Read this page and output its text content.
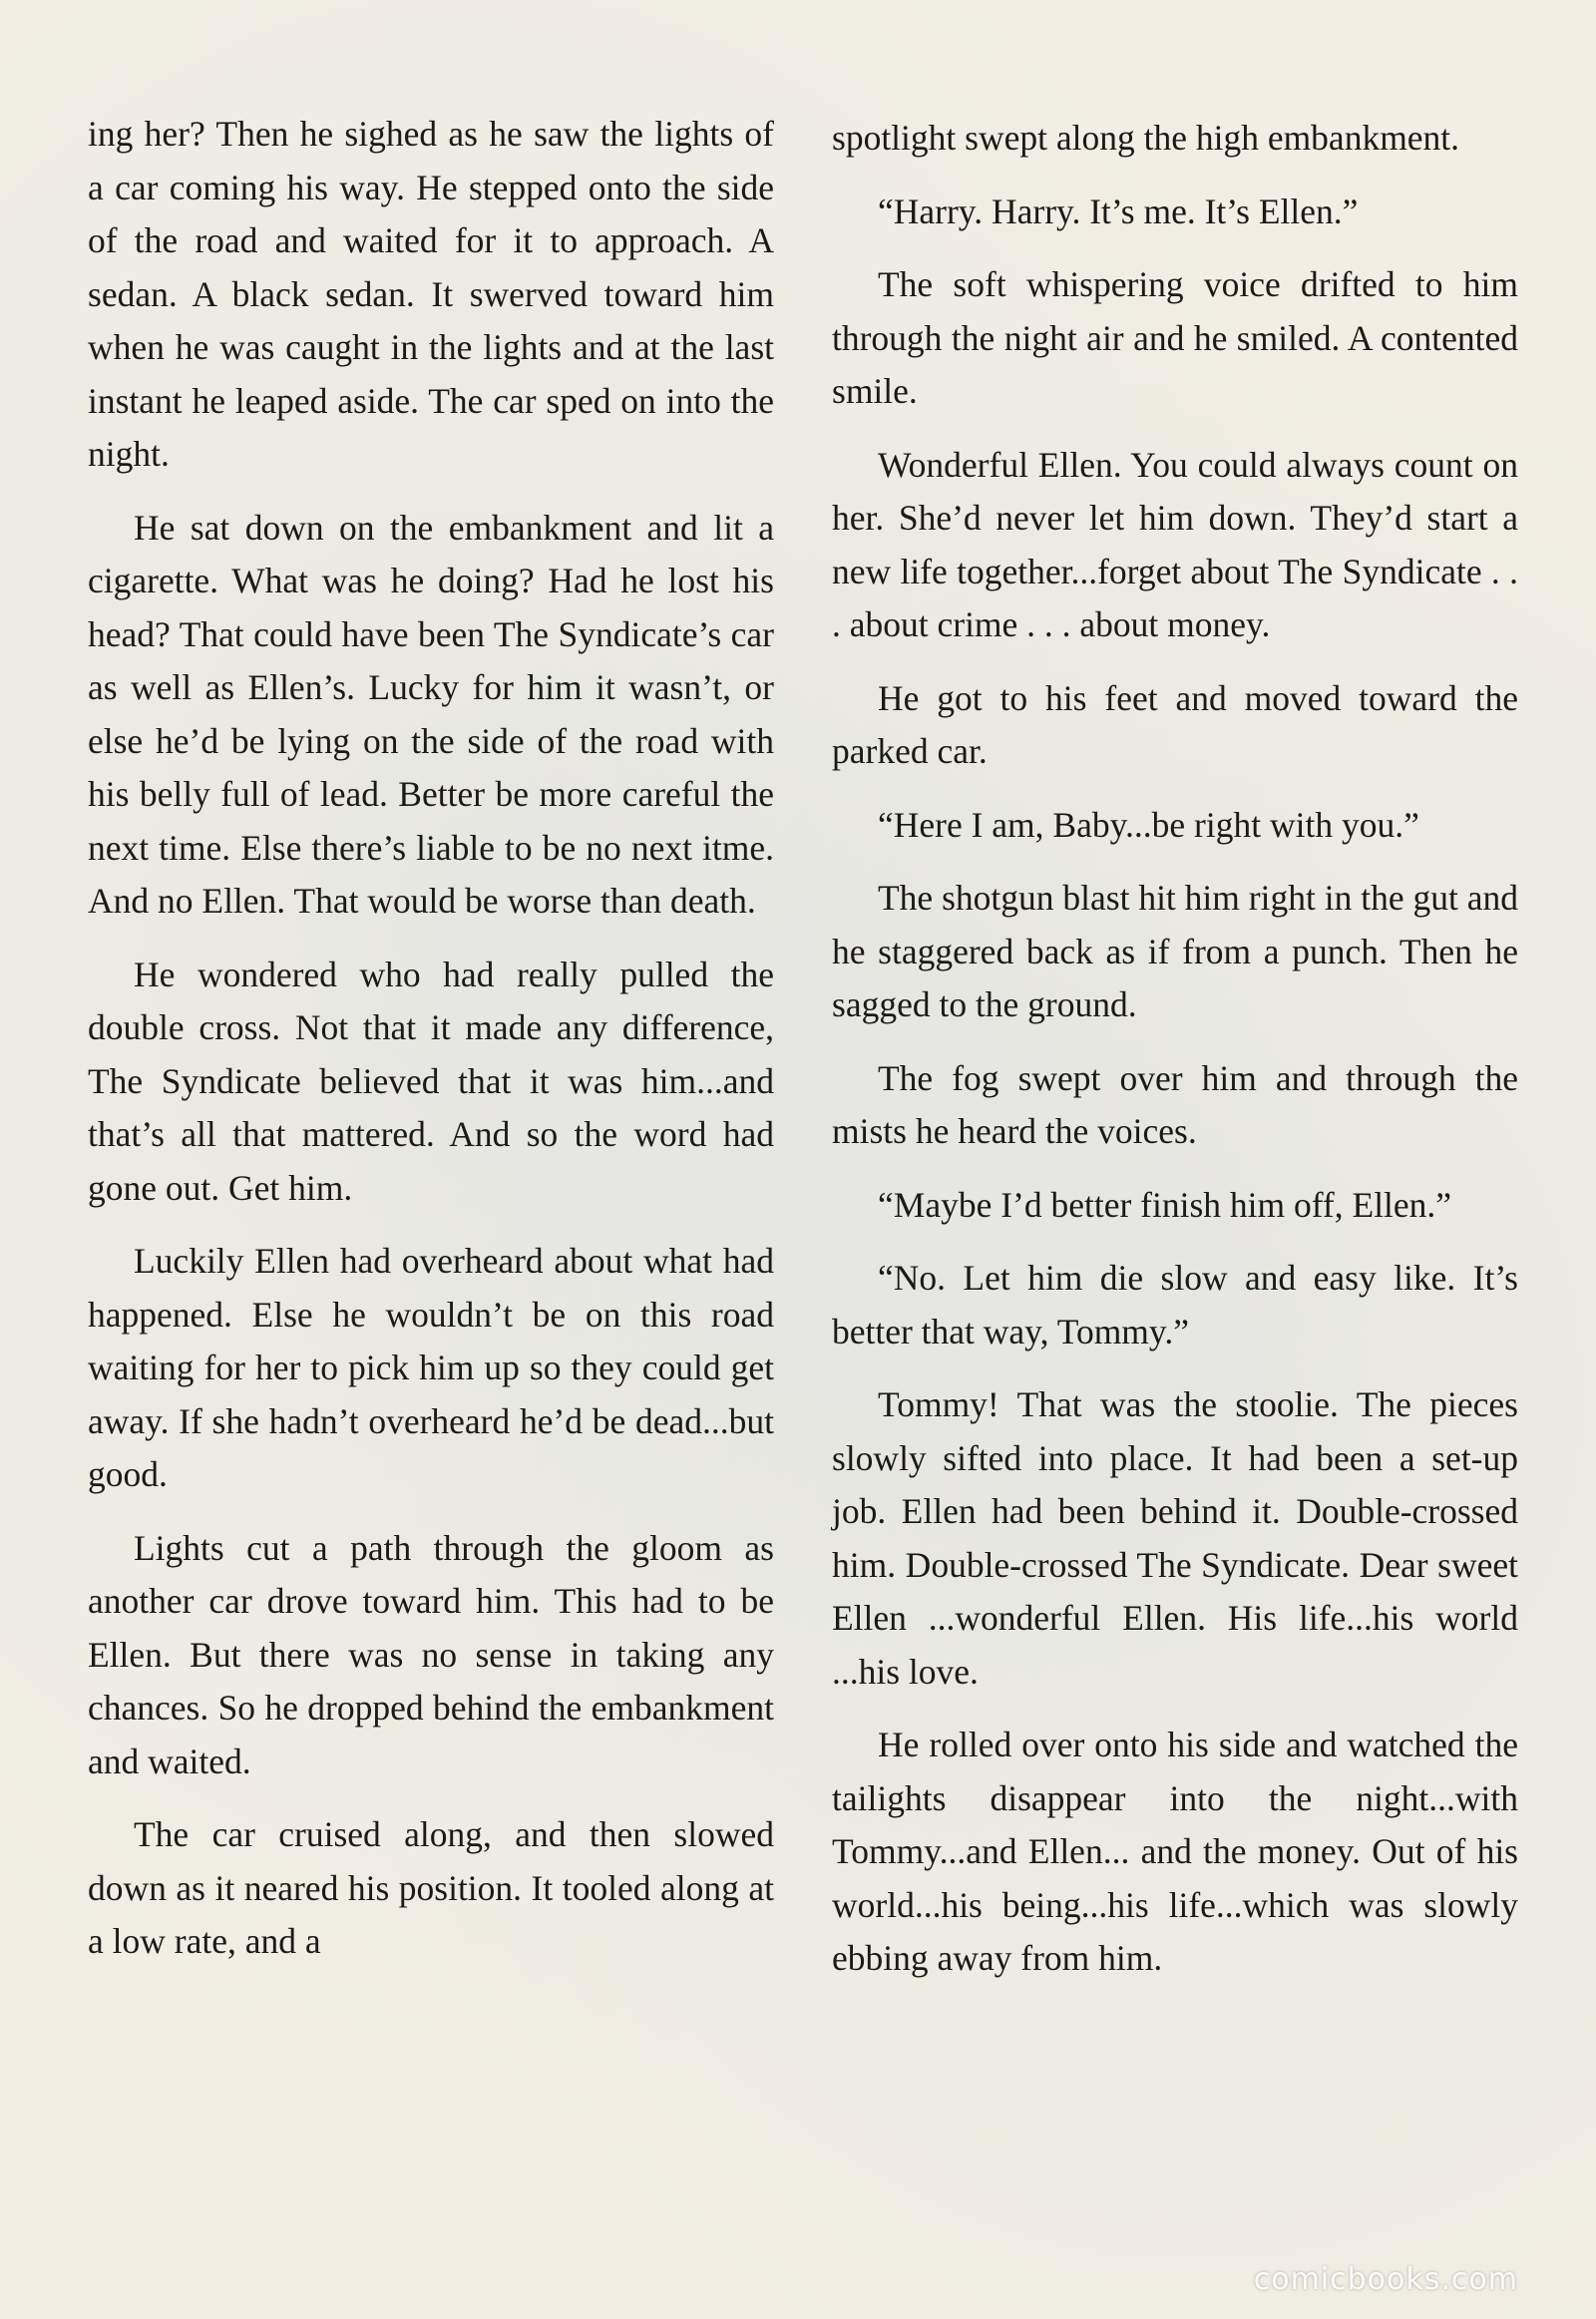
ing her? Then he sighed as he saw the lights of a car coming his way. He stepped onto the side of the road and waited for it to approach. A sedan. A black sedan. It swerved toward him when he was caught in the lights and at the last instant he leaped aside. The car sped on into the night.

He sat down on the embankment and lit a cigarette. What was he doing? Had he lost his head? That could have been The Syndicate’s car as well as Ellen’s. Lucky for him it wasn’t, or else he’d be lying on the side of the road with his belly full of lead. Better be more careful the next time. Else there’s liable to be no next itme. And no Ellen. That would be worse than death.

He wondered who had really pulled the double cross. Not that it made any difference, The Syndicate believed that it was him...and that’s all that mattered. And so the word had gone out. Get him.

Luckily Ellen had overheard about what had happened. Else he wouldn’t be on this road waiting for her to pick him up so they could get away. If she hadn’t overheard he’d be dead...but good.

Lights cut a path through the gloom as another car drove toward him. This had to be Ellen. But there was no sense in taking any chances. So he dropped behind the embankment and waited.

The car cruised along, and then slowed down as it neared his position. It tooled along at a low rate, and a

spotlight swept along the high embankment.

“Harry. Harry. It’s me. It’s Ellen.”

The soft whispering voice drifted to him through the night air and he smiled. A contented smile.

Wonderful Ellen. You could always count on her. She’d never let him down. They’d start a new life together...forget about The Syndicate . . . about crime . . . about money.

He got to his feet and moved toward the parked car.

“Here I am, Baby...be right with you.”

The shotgun blast hit him right in the gut and he staggered back as if from a punch. Then he sagged to the ground.

The fog swept over him and through the mists he heard the voices.

“Maybe I’d better finish him off, Ellen.”

“No. Let him die slow and easy like. It’s better that way, Tommy.”

Tommy! That was the stoolie. The pieces slowly sifted into place. It had been a set-up job. Ellen had been behind it. Double-crossed him. Double-crossed The Syndicate. Dear sweet Ellen ...wonderful Ellen. His life...his world ...his love.

He rolled over onto his side and watched the tailights disappear into the night...with Tommy...and Ellen... and the money. Out of his world...his being...his life...which was slowly ebbing away from him.

comicbooks.com
